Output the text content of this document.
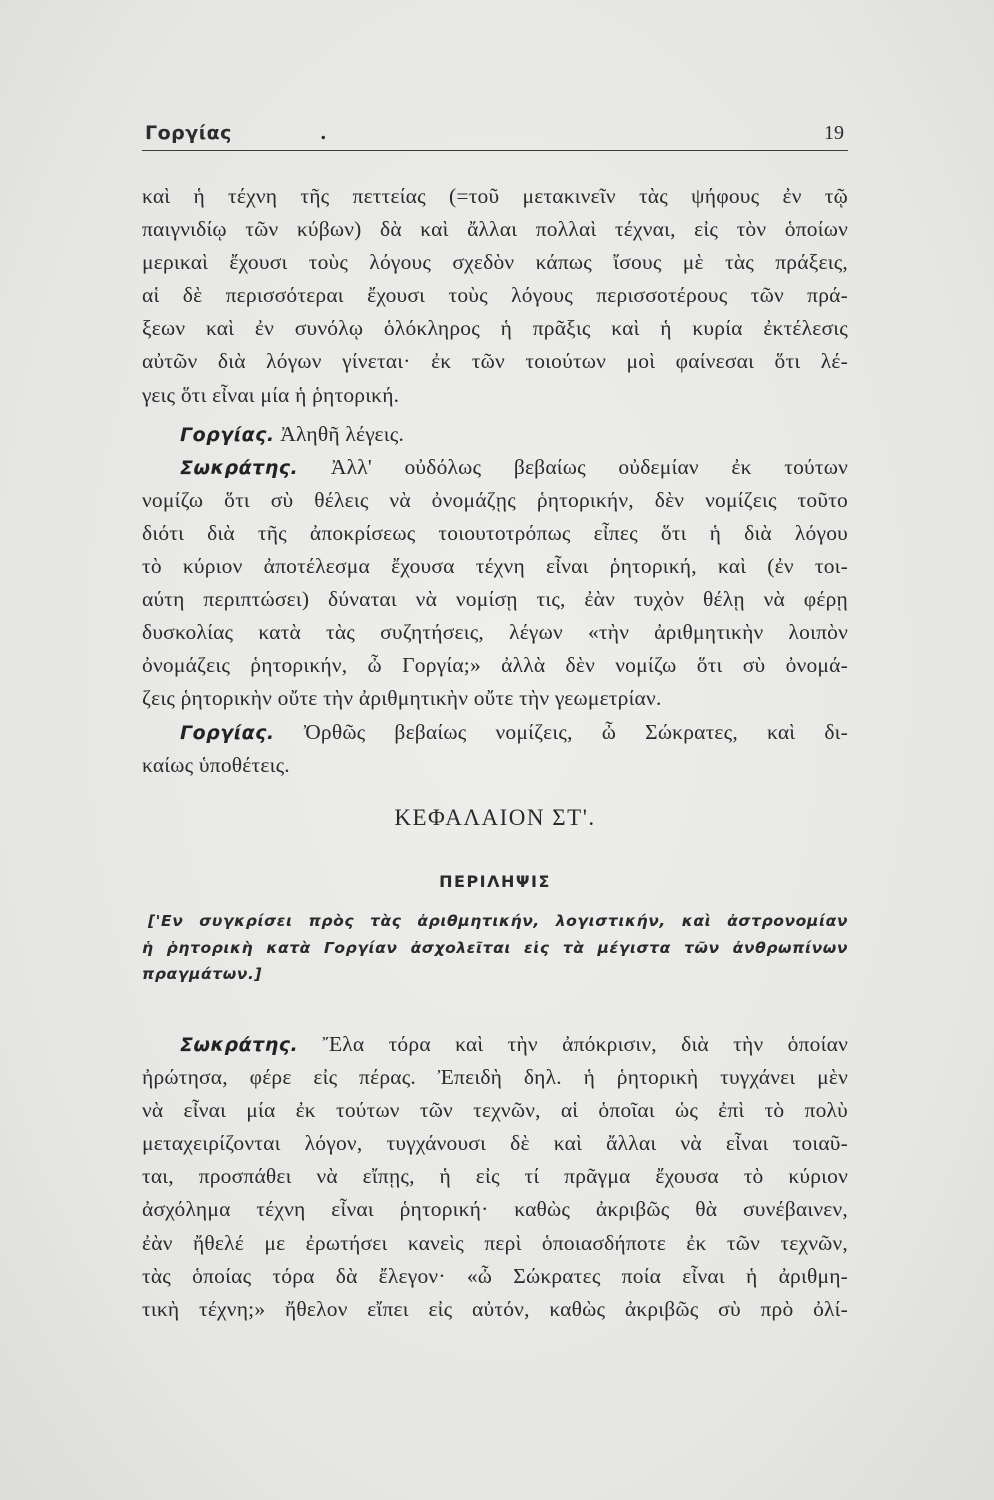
Γοργίας	.	19
καὶ ἡ τέχνη τῆς πεττείας (=τοῦ μετακινεῖν τὰς ψήφους ἐν τῷ
παιγνιδίῳ τῶν κύβων) δὰ καὶ ἄλλαι πολλαὶ τέχναι, εἰς τὸν ὁποίων
μερικαὶ ἔχουσι τοὺς λόγους σχεδὸν κάπως ἴσους μὲ τὰς πράξεις,
αἱ δὲ περισσότεραι ἔχουσι τοὺς λόγους περισσοτέρους τῶν πρά-
ξεων καὶ ἐν συνόλῳ ὁλόκληρος ἡ πρᾶξις καὶ ἡ κυρία ἐκτέλεσις
αὐτῶν διὰ λόγων γίνεται· ἐκ τῶν τοιούτων μοὶ φαίνεσαι ὅτι λέ-
γεις ὅτι εἶναι μία ἡ ῥητορική.
Γοργίας. Ἀληθῆ λέγεις.
Σωκράτης. Ἀλλ' οὐδόλως βεβαίως οὐδεμίαν ἐκ τούτων
νομίζω ὅτι σὺ θέλεις νὰ ὀνομάζῃς ῥητορικήν, δὲν νομίζεις τοῦτο
διότι διὰ τῆς ἀποκρίσεως τοιουτοτρόπως εἶπες ὅτι ἡ διὰ λόγου
τὸ κύριον ἀποτέλεσμα ἔχουσα τέχνη εἶναι ῥητορική, καὶ (ἐν τοι-
αύτη περιπτώσει) δύναται νὰ νομίσῃ τις, ἐὰν τυχὸν θέλῃ νὰ φέρῃ
δυσκολίας κατὰ τὰς συζητήσεις, λέγων «τὴν ἀριθμητικὴν λοιπὸν
ὀνομάζεις ῥητορικήν, ὦ Γοργία;» ἀλλὰ δὲν νομίζω ὅτι σὺ ὀνομά-
ζεις ῥητορικὴν οὔτε τὴν ἀριθμητικὴν οὔτε τὴν γεωμετρίαν.
Γοργίας. Ὀρθῶς βεβαίως νομίζεις, ὦ Σώκρατες, καὶ δι-
καίως ὑποθέτεις.
ΚΕΦΑΛΑΙΟΝ ΣΤ'.
ΠΕΡΙΛΗΨΙΣ
['Εν συγκρίσει πρὸς τὰς ἀριθμητικήν, λογιστικήν, καὶ ἀστρονομίαν
ἡ ῥητορικὴ κατὰ Γοργίαν ἀσχολεῖται εἰς τὰ μέγιστα τῶν ἀνθρωπίνων
πραγμάτων.]
Σωκράτης. Ἔλα τόρα καὶ τὴν ἀπόκρισιν, διὰ τὴν ὁποίαν
ἠρώτησα, φέρε εἰς πέρας. Ἐπειδὴ δηλ. ἡ ῥητορικὴ τυγχάνει μὲν
νὰ εἶναι μία ἐκ τούτων τῶν τεχνῶν, αἱ ὁποῖαι ὡς ἐπὶ τὸ πολὺ
μεταχειρίζονται λόγον, τυγχάνουσι δὲ καὶ ἄλλαι νὰ εἶναι τοιαῦ-
ται, προσπάθει νὰ εἴπῃς, ἡ εἰς τί πρᾶγμα ἔχουσα τὸ κύριον
ἀσχόλημα τέχνη εἶναι ῥητορική· καθὼς ἀκριβῶς θὰ συνέβαινεν,
ἐὰν ἤθελέ με ἐρωτήσει κανεὶς περὶ ὁποιασδήποτε ἐκ τῶν τεχνῶν,
τὰς ὁποίας τόρα δὰ ἔλεγον· «ὦ Σώκρατες ποία εἶναι ἡ ἀριθμη-
τικὴ τέχνη;» ἤθελον εἴπει εἰς αὐτόν, καθὼς ἀκριβῶς σὺ πρὸ ὀλί-
